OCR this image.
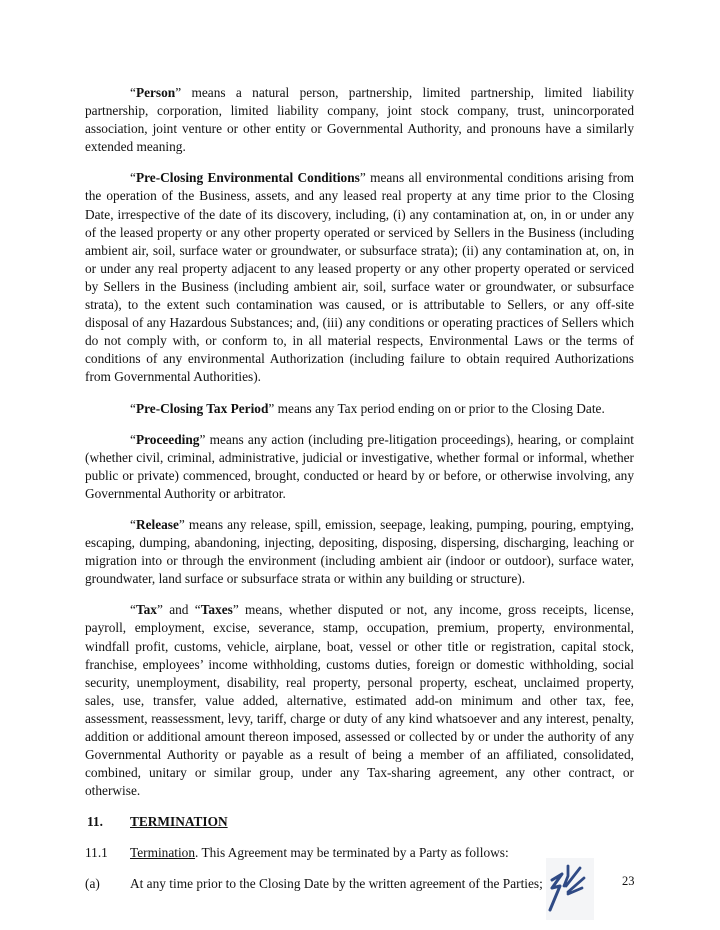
“Person” means a natural person, partnership, limited partnership, limited liability partnership, corporation, limited liability company, joint stock company, trust, unincorporated association, joint venture or other entity or Governmental Authority, and pronouns have a similarly extended meaning.

“Pre-Closing Environmental Conditions” means all environmental conditions arising from the operation of the Business, assets, and any leased real property at any time prior to the Closing Date, irrespective of the date of its discovery, including, (i) any contamination at, on, in or under any of the leased property or any other property operated or serviced by Sellers in the Business (including ambient air, soil, surface water or groundwater, or subsurface strata); (ii) any contamination at, on, in or under any real property adjacent to any leased property or any other property operated or serviced by Sellers in the Business (including ambient air, soil, surface water or groundwater, or subsurface strata), to the extent such contamination was caused, or is attributable to Sellers, or any off-site disposal of any Hazardous Substances; and, (iii) any conditions or operating practices of Sellers which do not comply with, or conform to, in all material respects, Environmental Laws or the terms of conditions of any environmental Authorization (including failure to obtain required Authorizations from Governmental Authorities).

“Pre-Closing Tax Period” means any Tax period ending on or prior to the Closing Date.

“Proceeding” means any action (including pre-litigation proceedings), hearing, or complaint (whether civil, criminal, administrative, judicial or investigative, whether formal or informal, whether public or private) commenced, brought, conducted or heard by or before, or otherwise involving, any Governmental Authority or arbitrator.

“Release” means any release, spill, emission, seepage, leaking, pumping, pouring, emptying, escaping, dumping, abandoning, injecting, depositing, disposing, dispersing, discharging, leaching or migration into or through the environment (including ambient air (indoor or outdoor), surface water, groundwater, land surface or subsurface strata or within any building or structure).

“Tax” and “Taxes” means, whether disputed or not, any income, gross receipts, license, payroll, employment, excise, severance, stamp, occupation, premium, property, environmental, windfall profit, customs, vehicle, airplane, boat, vessel or other title or registration, capital stock, franchise, employees’ income withholding, customs duties, foreign or domestic withholding, social security, unemployment, disability, real property, personal property, escheat, unclaimed property, sales, use, transfer, value added, alternative, estimated add-on minimum and other tax, fee, assessment, reassessment, levy, tariff, charge or duty of any kind whatsoever and any interest, penalty, addition or additional amount thereon imposed, assessed or collected by or under the authority of any Governmental Authority or payable as a result of being a member of an affiliated, consolidated, combined, unitary or similar group, under any Tax-sharing agreement, any other contract, or otherwise.

11.	TERMINATION
11.1	Termination. This Agreement may be terminated by a Party as follows:
(a)	At any time prior to the Closing Date by the written agreement of the Parties;	23
